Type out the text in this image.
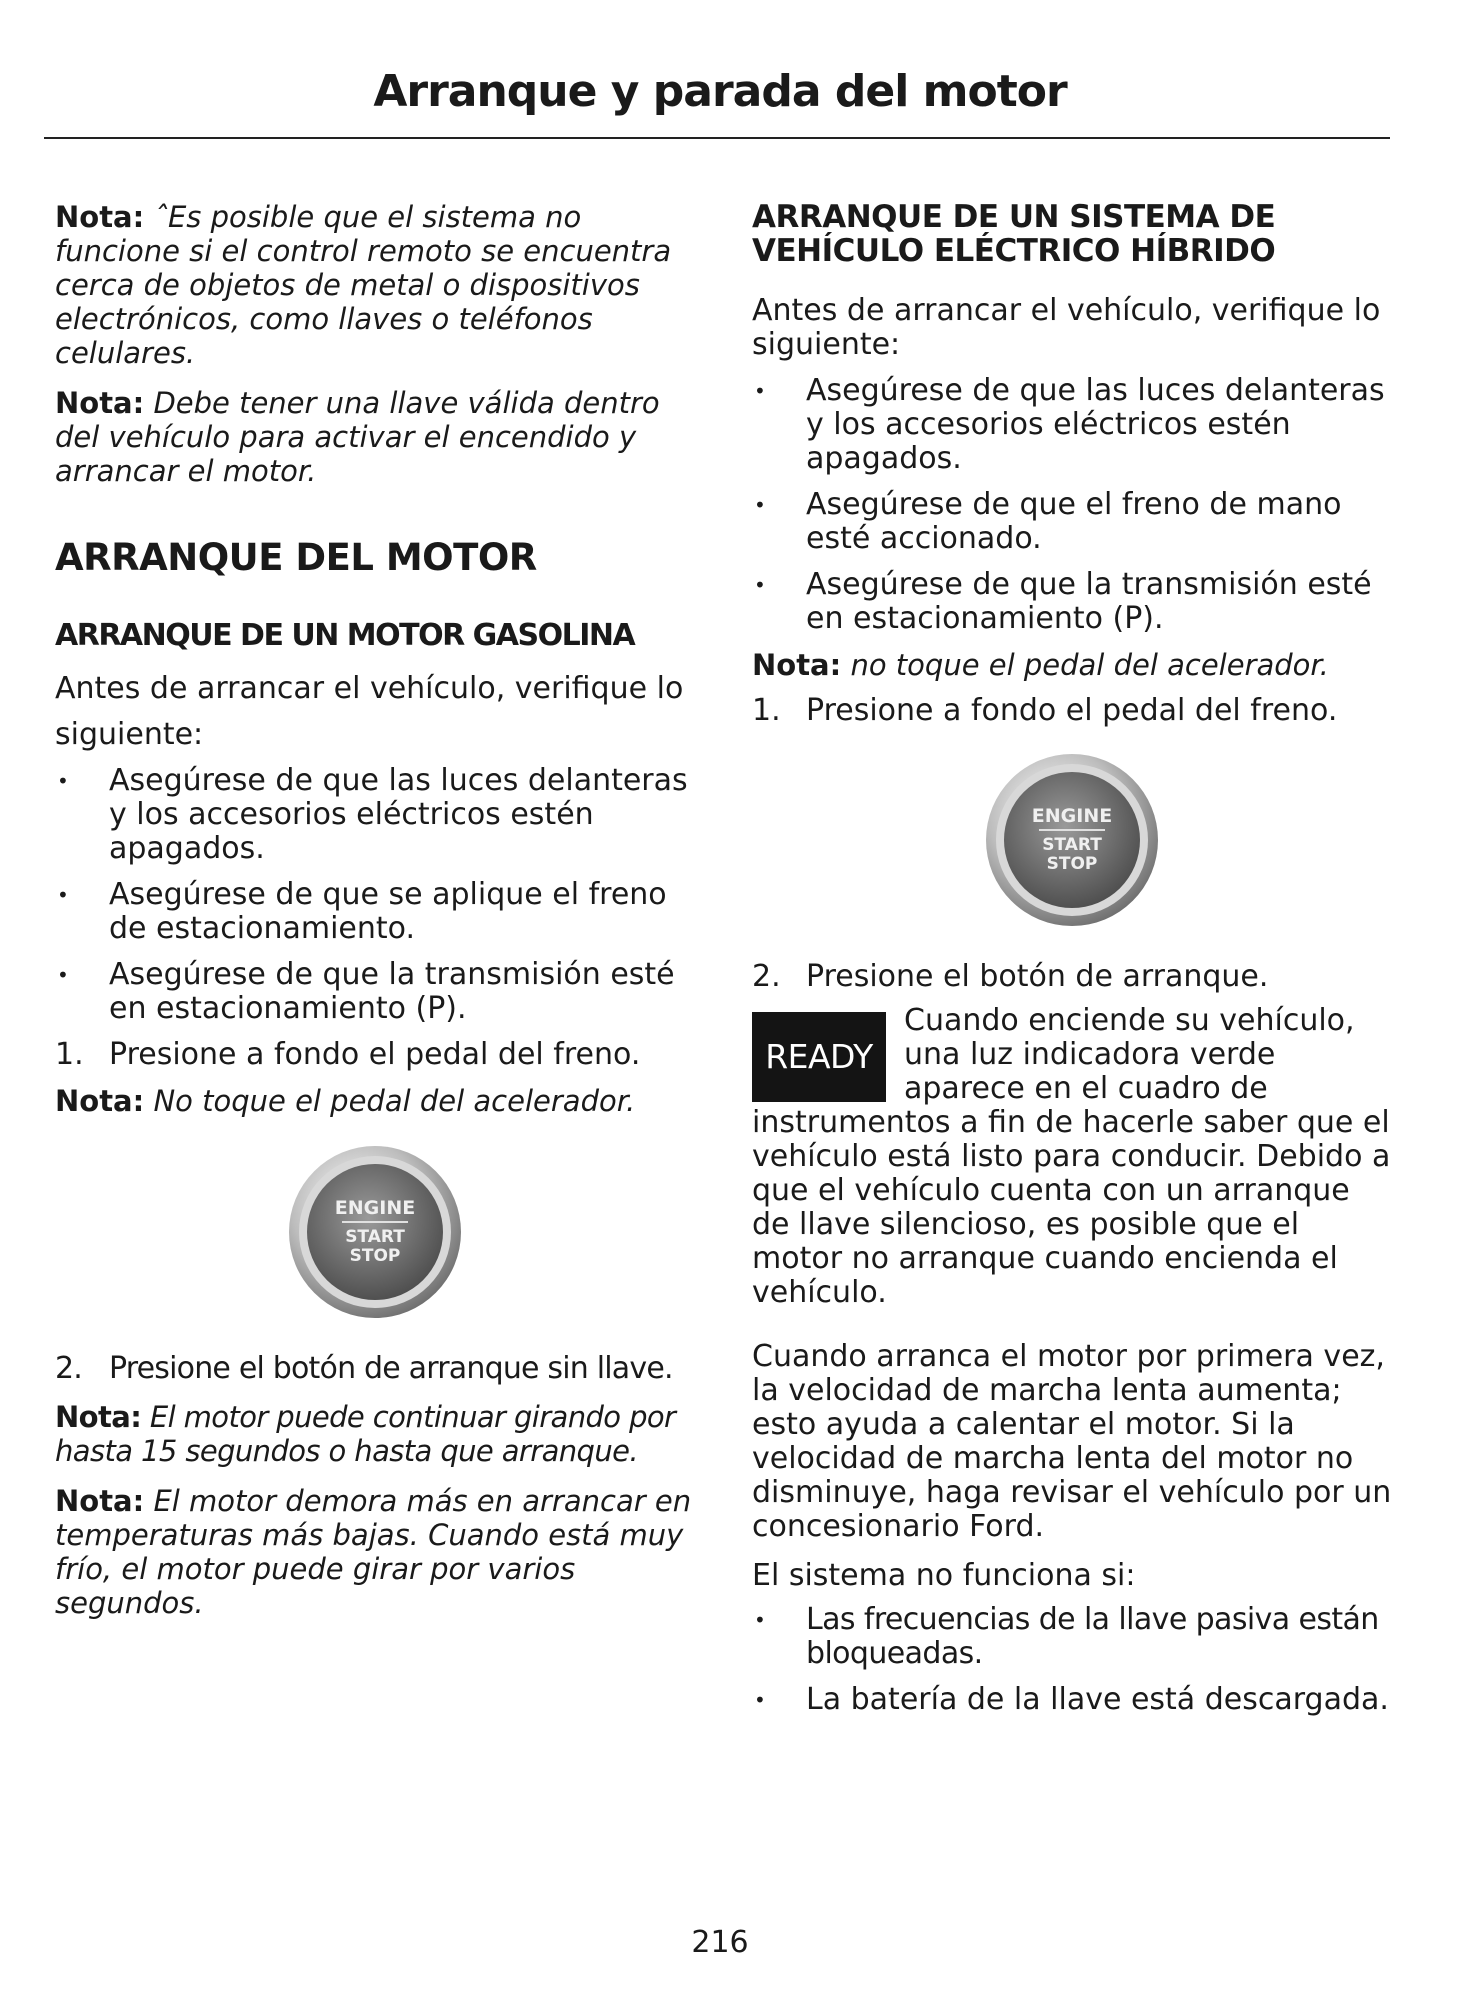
Arranque y parada del motor

Nota: ˆEs posible que el sistema no funcione si el control remoto se encuentra cerca de objetos de metal o dispositivos electrónicos, como llaves o teléfonos celulares.

Nota: Debe tener una llave válida dentro del vehículo para activar el encendido y arrancar el motor.

ARRANQUE DEL MOTOR
ARRANQUE DE UN MOTOR GASOLINA

Antes de arrancar el vehículo, verifique lo siguiente:

• Asegúrese de que las luces delanteras y los accesorios eléctricos estén apagados.
• Asegúrese de que se aplique el freno de estacionamiento.
• Asegúrese de que la transmisión esté en estacionamiento (P).
1. Presione a fondo el pedal del freno.

Nota: No toque el pedal del acelerador.

ENGINE
START
STOP
2. Presione el botón de arranque sin llave.

Nota: El motor puede continuar girando por hasta 15 segundos o hasta que arranque.

Nota: El motor demora más en arrancar en temperaturas más bajas. Cuando está muy frío, el motor puede girar por varios segundos.

ARRANQUE DE UN SISTEMA DE VEHÍCULO ELÉCTRICO HÍBRIDO

Antes de arrancar el vehículo, verifique lo siguiente:

• Asegúrese de que las luces delanteras y los accesorios eléctricos estén apagados.
• Asegúrese de que el freno de mano esté accionado.
• Asegúrese de que la transmisión esté en estacionamiento (P).

Nota: no toque el pedal del acelerador.

1. Presione a fondo el pedal del freno.
ENGINE
START
STOP
2. Presione el botón de arranque.
READY
Cuando enciende su vehículo, una luz indicadora verde aparece en el cuadro de instrumentos a fin de hacerle saber que el vehículo está listo para conducir. Debido a que el vehículo cuenta con un arranque de llave silencioso, es posible que el motor no arranque cuando encienda el vehículo.

Cuando arranca el motor por primera vez, la velocidad de marcha lenta aumenta; esto ayuda a calentar el motor. Si la velocidad de marcha lenta del motor no disminuye, haga revisar el vehículo por un concesionario Ford.

El sistema no funciona si:

• Las frecuencias de la llave pasiva están bloqueadas.
• La batería de la llave está descargada.
216
